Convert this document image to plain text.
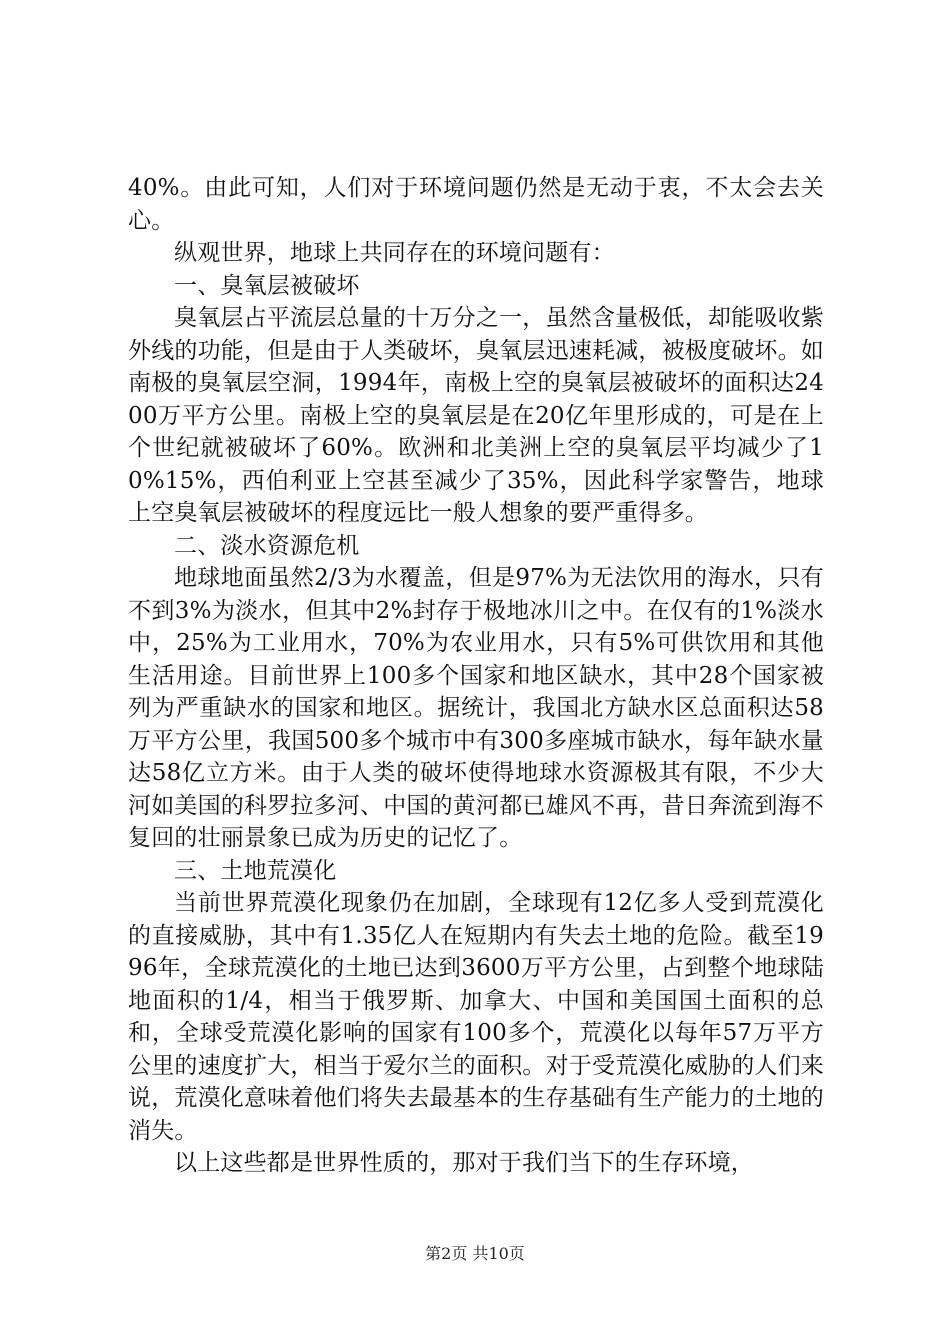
40%。由此可知，人们对于环境问题仍然是无动于衷，不太会去关心。

纵观世界，地球上共同存在的环境问题有：

一、臭氧层被破坏

臭氧层占平流层总量的十万分之一，虽然含量极低，却能吸收紫外线的功能，但是由于人类破坏，臭氧层迅速耗减，被极度破坏。如南极的臭氧层空洞，1994年，南极上空的臭氧层被破坏的面积达2400万平方公里。南极上空的臭氧层是在20亿年里形成的，可是在上个世纪就被破坏了60%。欧洲和北美洲上空的臭氧层平均减少了10%15%，西伯利亚上空甚至减少了35%，因此科学家警告，地球上空臭氧层被破坏的程度远比一般人想象的要严重得多。

二、淡水资源危机

地球地面虽然2/3为水覆盖，但是97%为无法饮用的海水，只有不到3%为淡水，但其中2%封存于极地冰川之中。在仅有的1%淡水中，25%为工业用水，70%为农业用水，只有5%可供饮用和其他生活用途。目前世界上100多个国家和地区缺水，其中28个国家被列为严重缺水的国家和地区。据统计，我国北方缺水区总面积达58万平方公里，我国500多个城市中有300多座城市缺水，每年缺水量达58亿立方米。由于人类的破坏使得地球水资源极其有限，不少大河如美国的科罗拉多河、中国的黄河都已雄风不再，昔日奔流到海不复回的壮丽景象已成为历史的记忆了。

三、土地荒漠化

当前世界荒漠化现象仍在加剧，全球现有12亿多人受到荒漠化的直接威胁，其中有1.35亿人在短期内有失去土地的危险。截至1996年，全球荒漠化的土地已达到3600万平方公里，占到整个地球陆地面积的1/4，相当于俄罗斯、加拿大、中国和美国国土面积的总和，全球受荒漠化影响的国家有100多个，荒漠化以每年57万平方公里的速度扩大，相当于爱尔兰的面积。对于受荒漠化威胁的人们来说，荒漠化意味着他们将失去最基本的生存基础有生产能力的土地的消失。

以上这些都是世界性质的，那对于我们当下的生存环境，

第2页 共10页
